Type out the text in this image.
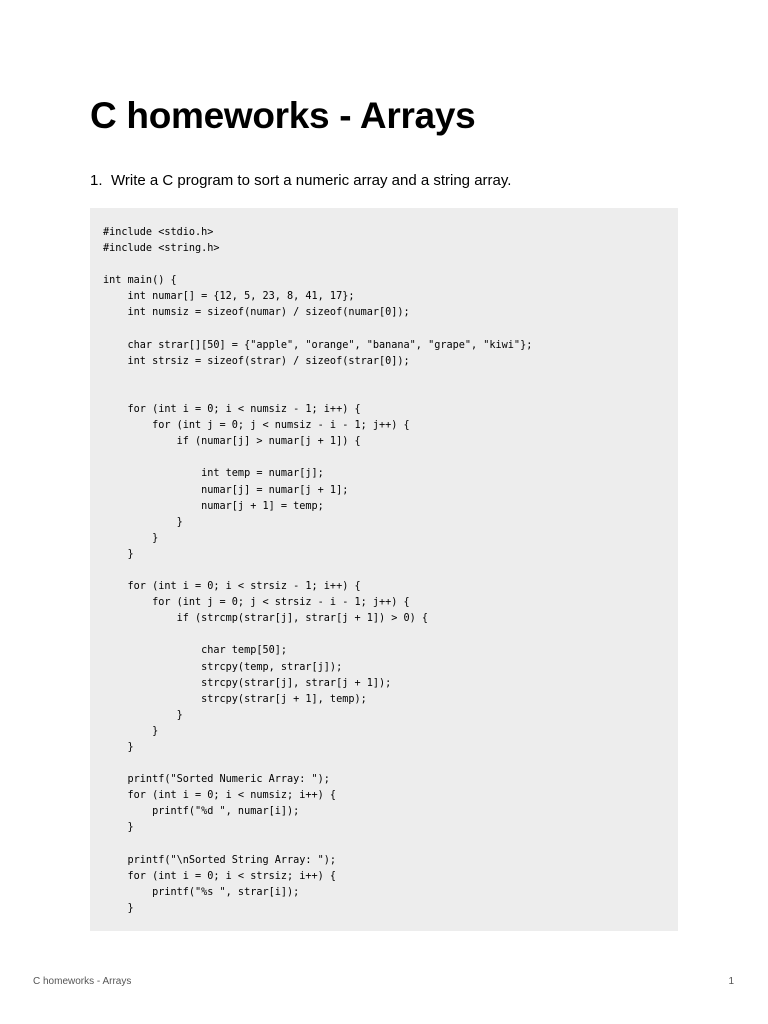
C homeworks - Arrays
1. Write a C program to sort a numeric array and a string array.
#include <stdio.h>
#include <string.h>
int main() {
int numar[] = {12, 5, 23, 8, 41, 17};
int numsiz = sizeof(numar) / sizeof(numar[0]);
char strar[][50] = {"apple", "orange", "banana", "grape", "kiwi"};
int strsiz = sizeof(strar) / sizeof(strar[0]);
for (int i = 0; i < numsiz - 1; i++) {
for (int j = 0; j < numsiz - i - 1; j++) {
if (numar[j] > numar[j + 1]) {
int temp = numar[j];
numar[j] = numar[j + 1];
numar[j + 1] = temp;
}
}
}
for (int i = 0; i < strsiz - 1; i++) {
for (int j = 0; j < strsiz - i - 1; j++) {
if (strcmp(strar[j], strar[j + 1]) > 0) {
char temp[50];
strcpy(temp, strar[j]);
strcpy(strar[j], strar[j + 1]);
strcpy(strar[j + 1], temp);
}
}
}
printf("Sorted Numeric Array: ");
for (int i = 0; i < numsiz; i++) {
printf("%d ", numar[i]);
}
printf("\nSorted String Array: ");
for (int i = 0; i < strsiz; i++) {
printf("%s ", strar[i]);
}
C homeworks - Arrays	1
